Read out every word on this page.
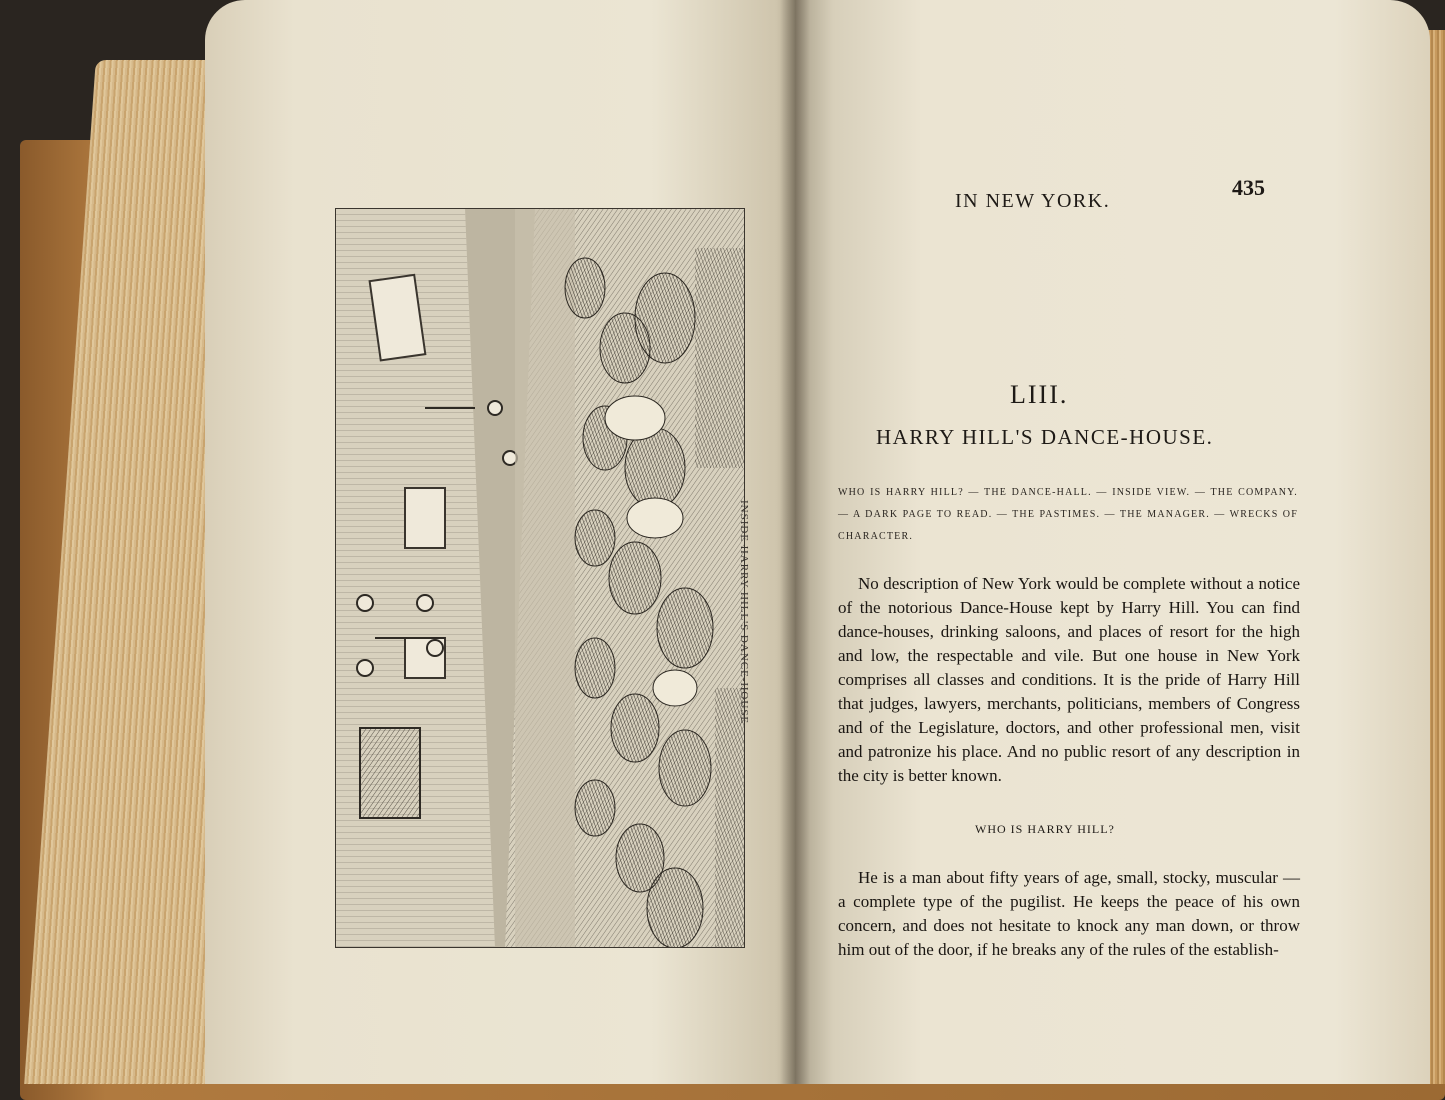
INSIDE HARRY HILL'S DANCE-HOUSE
IN NEW YORK.
435
LIII.
HARRY HILL'S DANCE-HOUSE.
WHO IS HARRY HILL? — THE DANCE-HALL. — INSIDE VIEW. — THE COMPANY. — A DARK PAGE TO READ. — THE PASTIMES. — THE MANAGER. — WRECKS OF CHARACTER.

No description of New York would be complete without a notice of the notorious Dance-House kept by Harry Hill. You can find dance-houses, drinking saloons, and places of resort for the high and low, the respectable and vile. But one house in New York comprises all classes and conditions. It is the pride of Harry Hill that judges, lawyers, merchants, politicians, members of Congress and of the Legislature, doctors, and other professional men, visit and patronize his place. And no public resort of any description in the city is better known.

WHO IS HARRY HILL?

He is a man about fifty years of age, small, stocky, muscular — a complete type of the pugilist. He keeps the peace of his own concern, and does not hesitate to knock any man down, or throw him out of the door, if he breaks any of the rules of the establish-
